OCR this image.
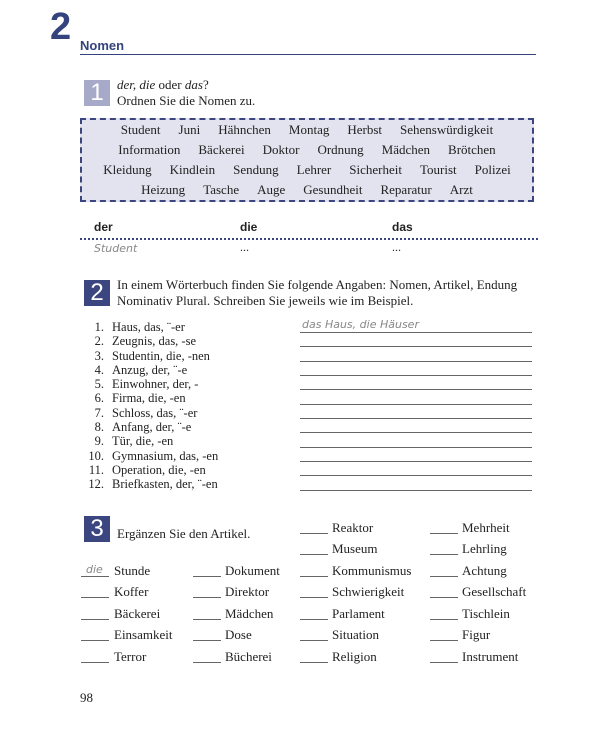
2 Nomen
1	der, die oder das?
Ordnen Sie die Nomen zu.
Student Juni Hähnchen Montag Herbst Sehenswürdigkeit
Information Bäckerei Doktor Ordnung Mädchen Brötchen
Kleidung Kindlein Sendung Lehrer Sicherheit Tourist Polizei
Heizung Tasche Auge Gesundheit Reparatur Arzt
der	die	das
Student	...	...
2	In einem Wörterbuch finden Sie folgende Angaben: Nomen, Artikel, Endung
Nominativ Plural. Schreiben Sie jeweils wie im Beispiel.
1. Haus, das, ¨-er
2. Zeugnis, das, -se
3. Studentin, die, -nen
4. Anzug, der, ¨-e
5. Einwohner, der, -
6. Firma, die, -en
7. Schloss, das, ¨-er
8. Anfang, der, ¨-e
9. Tür, die, -en
10. Gymnasium, das, -en
11. Operation, die, -en
12. Briefkasten, der, ¨-en
das Haus, die Häuser
3	Ergänzen Sie den Artikel.
die Stunde
Koffer
Bäckerei
Einsamkeit
Terror
Dokument
Direktor
Mädchen
Dose
Bücherei
Reaktor
Museum
Kommunismus
Schwierigkeit
Parlament
Situation
Religion
Mehrheit
Lehrling
Achtung
Gesellschaft
Tischlein
Figur
Instrument
98
